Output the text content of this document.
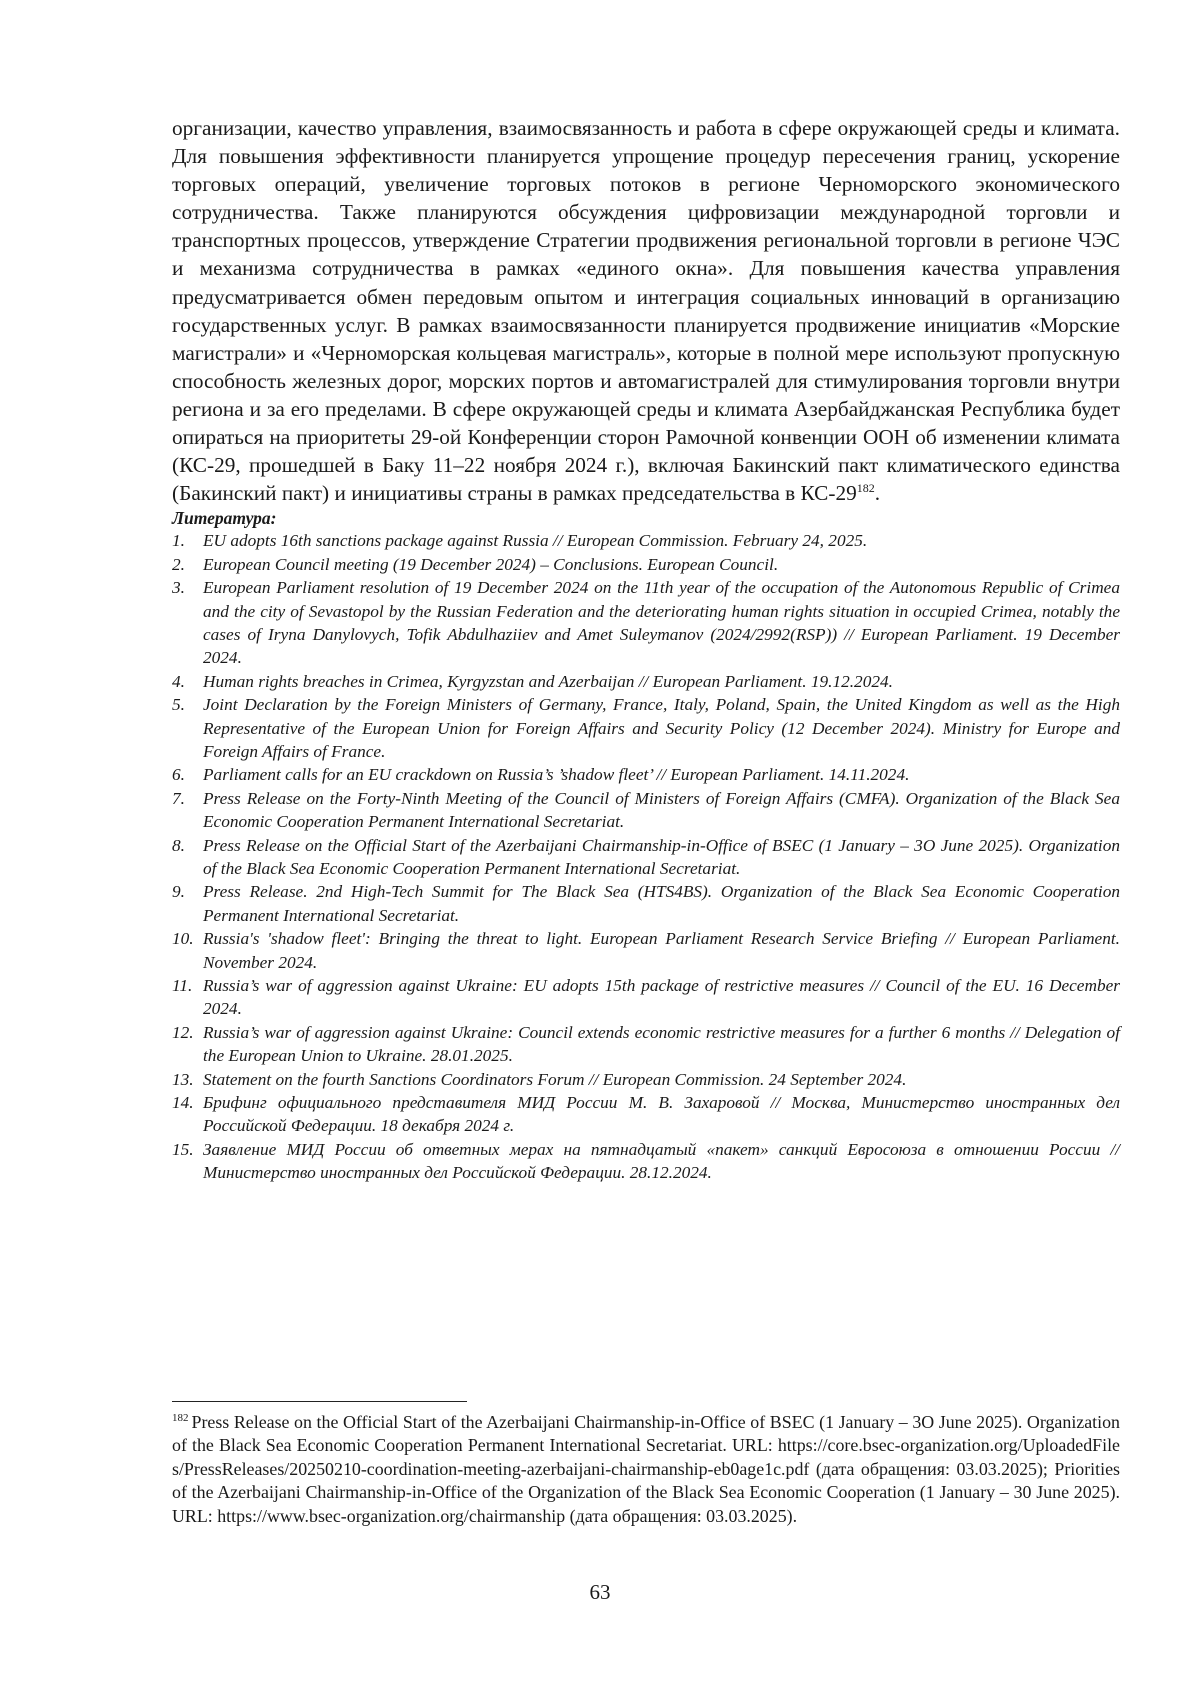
организации, качество управления, взаимосвязанность и работа в сфере окружающей среды и климата. Для повышения эффективности планируется упрощение процедур пересечения границ, ускорение торговых операций, увеличение торговых потоков в регионе Черноморского экономического сотрудничества. Также планируются обсуждения цифровизации международной торговли и транспортных процессов, утверждение Стратегии продвижения региональной торговли в регионе ЧЭС и механизма сотрудничества в рамках «единого окна». Для повышения качества управления предусматривается обмен передовым опытом и интеграция социальных инноваций в организацию государственных услуг. В рамках взаимосвязанности планируется продвижение инициатив «Морские магистрали» и «Черноморская кольцевая магистраль», которые в полной мере используют пропускную способность железных дорог, морских портов и автомагистралей для стимулирования торговли внутри региона и за его пределами. В сфере окружающей среды и климата Азербайджанская Республика будет опираться на приоритеты 29-ой Конференции сторон Рамочной конвенции ООН об изменении климата (КС-29, прошедшей в Баку 11–22 ноября 2024 г.), включая Бакинский пакт климатического единства (Бакинский пакт) и инициативы страны в рамках председательства в $КС-29^{182}$.

Литература:

1. EU adopts 16th sanctions package against Russia // European Commission. February 24, 2025.
2. European Council meeting (19 December 2024) – Conclusions. European Council.
3. European Parliament resolution of 19 December 2024 on the 11th year of the occupation of the Autonomous Republic of Crimea and the city of Sevastopol by the Russian Federation and the deteriorating human rights situation in occupied Crimea, notably the cases of Iryna Danylovych, Tofik Abdulhaziiev and Amet Suleymanov (2024/2992(RSP)) // European Parliament. 19 December 2024.
4. Human rights breaches in Crimea, Kyrgyzstan and Azerbaijan // European Parliament. 19.12.2024.
5. Joint Declaration by the Foreign Ministers of Germany, France, Italy, Poland, Spain, the United Kingdom as well as the High Representative of the European Union for Foreign Affairs and Security Policy (12 December 2024). Ministry for Europe and Foreign Affairs of France.
6. Parliament calls for an EU crackdown on Russia’s ’shadow fleet’ // European Parliament. 14.11.2024.
7. Press Release on the Forty-Ninth Meeting of the Council of Ministers of Foreign Affairs (CMFA). Organization of the Black Sea Economic Cooperation Permanent International Secretariat.
8. Press Release on the Official Start of the Azerbaijani Chairmanship-in-Office of BSEC (1 January – 3O June 2025). Organization of the Black Sea Economic Cooperation Permanent International Secretariat.
9. Press Release. 2nd High-Tech Summit for The Black Sea (HTS4BS). Organization of the Black Sea Economic Cooperation Permanent International Secretariat.
10. Russia's 'shadow fleet': Bringing the threat to light. European Parliament Research Service Briefing // European Parliament. November 2024.
11. Russia’s war of aggression against Ukraine: EU adopts 15th package of restrictive measures // Council of the EU. 16 December 2024.
12. Russia’s war of aggression against Ukraine: Council extends economic restrictive measures for a further 6 months // Delegation of the European Union to Ukraine. 28.01.2025.
13. Statement on the fourth Sanctions Coordinators Forum // European Commission. 24 September 2024.
14. Брифинг официального представителя МИД России М. В. Захаровой // Москва, Министерство иностранных дел Российской Федерации. 18 декабря 2024 г.
15. Заявление МИД России об ответных мерах на пятнадцатый «пакет» санкций Евросоюза в отношении России // Министерство иностранных дел Российской Федерации. 28.12.2024.

$^{182}$ Press Release on the Official Start of the Azerbaijani Chairmanship-in-Office of BSEC (1 January – 3O June 2025). Organization of the Black Sea Economic Cooperation Permanent International Secretariat. URL: https://core.bsec-organization.org/UploadedFiles/PressReleases/20250210-coordination-meeting-azerbaijani-chairmanship-eb0age1c.pdf (дата обращения: 03.03.2025); Priorities of the Azerbaijani Chairmanship-in-Office of the Organization of the Black Sea Economic Cooperation (1 January – 30 June 2025). URL: https://www.bsec-organization.org/chairmanship (дата обращения: 03.03.2025).

63
